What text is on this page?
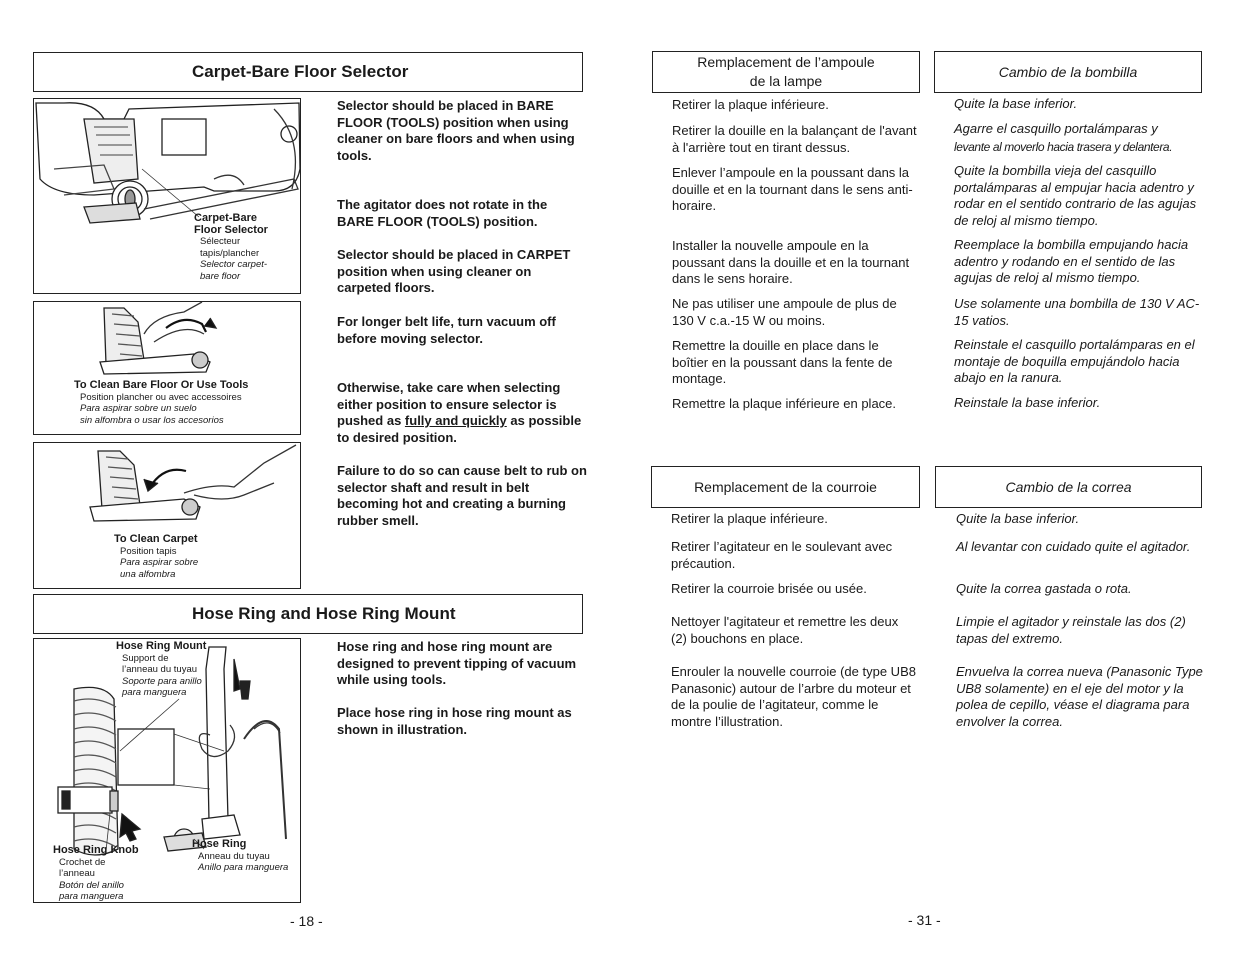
Carpet-Bare Floor Selector
Carpet-Bare
Floor Selector
Sélecteur
tapis/plancher
Selector carpet-
bare floor
To Clean Bare Floor Or Use Tools
Position plancher ou avec accessoires
Para aspirar sobre un suelo
sin alfombra o usar los accesorios
To Clean Carpet
Position tapis
Para aspirar sobre
una alfombra

Selector should be placed in BARE FLOOR (TOOLS) position when using cleaner on bare floors and when using tools.

The agitator does not rotate in the BARE FLOOR (TOOLS) position.

Selector should be placed in CARPET position when using cleaner on carpeted floors.

For longer belt life, turn vacuum off before moving selector.

Otherwise, take care when selecting either position to ensure selector is pushed as fully and quickly as possible to desired position.

Failure to do so can cause belt to rub on selector shaft and result in belt becoming hot and creating a burning rubber smell.

Hose Ring and Hose Ring Mount
Hose Ring Mount
Support de
l’anneau du tuyau
Soporte para anillo
para manguera
Hose Ring Knob
Crochet de
l’anneau
Botón del anillo
para manguera
Hose Ring
Anneau du tuyau
Anillo para manguera

Hose ring and hose ring mount are designed to prevent tipping of vacuum while using tools.

Place hose ring in hose ring mount as shown in illustration.

- 18 -
Remplacement de l’ampoule
de la lampe
Cambio de la bombilla

Retirer la plaque inférieure.

Retirer la douille en la balançant de l'avant à l'arrière tout en tirant dessus.

Enlever l’ampoule en la poussant dans la douille et en la tournant dans le sens anti-horaire.

Installer la nouvelle ampoule en la poussant dans la douille et en la tournant dans le sens horaire.

Ne pas utiliser une ampoule de plus de 130 V c.a.-15 W ou moins.

Remettre la douille en place dans le boîtier en la poussant dans la fente de montage.

Remettre la plaque inférieure en place.

Quite la base inferior.

Agarre el casquillo portalámparas y

levante al moverlo hacia trasera y delantera.

Quite la bombilla vieja del casquillo portalámparas al empujar hacia adentro y rodar en el sentido contrario de las agujas de reloj al mismo tiempo.

Reemplace la bombilla empujando hacia adentro y rodando en el sentido de las agujas de reloj al mismo tiempo.

Use solamente una bombilla de 130 V AC-15 vatios.

Reinstale el casquillo portalámparas en el montaje de boquilla empujándolo hacia abajo en la ranura.

Reinstale la base inferior.

Remplacement de la courroie	Cambio de la correa

Retirer la plaque inférieure.

Retirer l’agitateur en le soulevant avec précaution.

Retirer la courroie brisée ou usée.

Nettoyer l'agitateur et remettre les deux (2) bouchons en place.

Enrouler la nouvelle courroie (de type UB8 Panasonic) autour de l’arbre du moteur et de la poulie de l’agitateur, comme le montre l’illustration.

Quite la base inferior.

Al levantar con cuidado quite el agitador.

Quite la correa gastada o rota.

Limpie el agitador y reinstale las dos (2) tapas del extremo.

Envuelva la correa nueva (Panasonic Type UB8 solamente) en el eje del motor y la polea de cepillo, véase el diagrama para envolver la correa.

- 31 -
